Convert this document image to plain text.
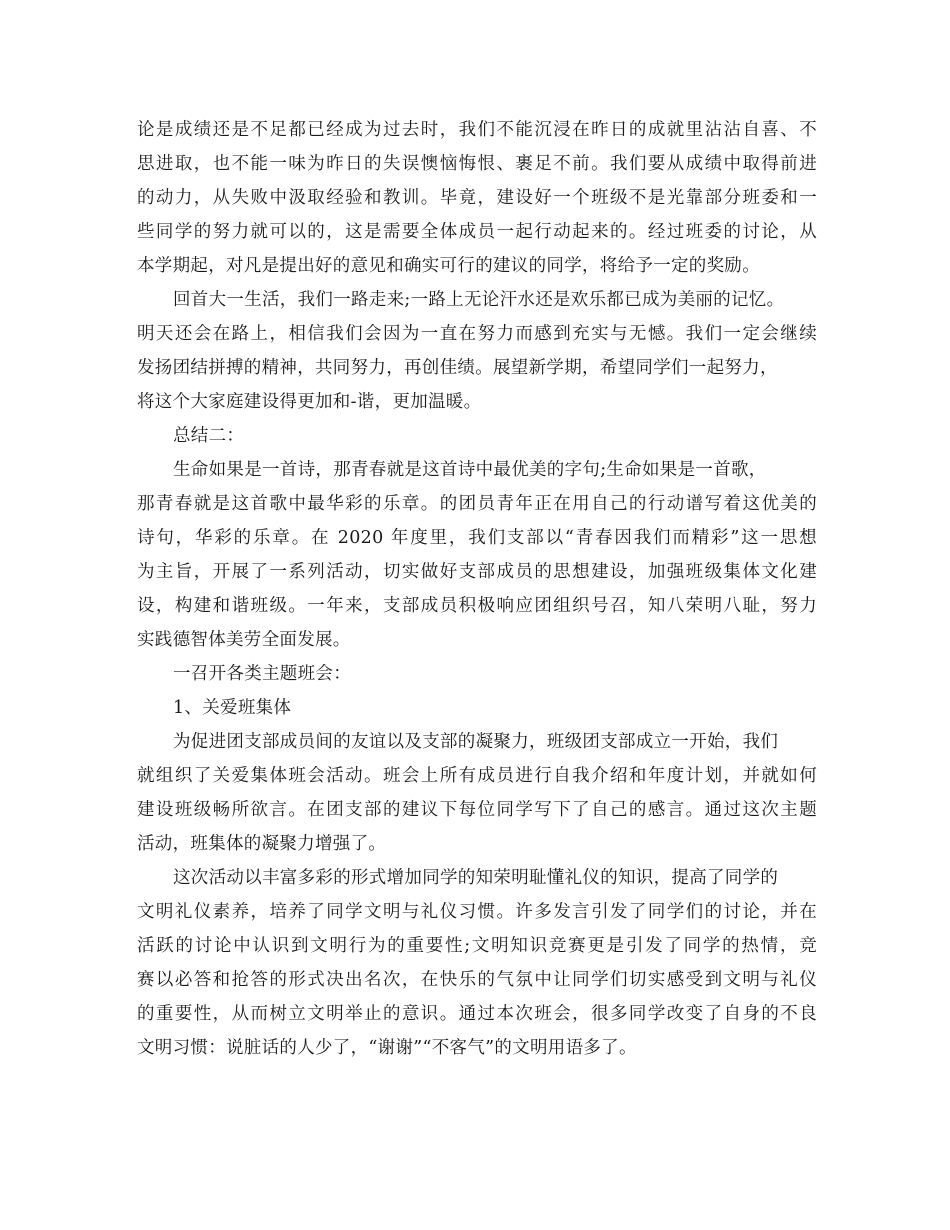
论是成绩还是不足都已经成为过去时，我们不能沉浸在昨日的成就里沾沾自喜、不
思进取，也不能一味为昨日的失误懊恼悔恨、裹足不前。我们要从成绩中取得前进
的动力，从失败中汲取经验和教训。毕竟，建设好一个班级不是光靠部分班委和一
些同学的努力就可以的，这是需要全体成员一起行动起来的。经过班委的讨论，从
本学期起，对凡是提出好的意见和确实可行的建议的同学，将给予一定的奖励。
回首大一生活，我们一路走来;一路上无论汗水还是欢乐都已成为美丽的记忆。
明天还会在路上，相信我们会因为一直在努力而感到充实与无憾。我们一定会继续
发扬团结拼搏的精神，共同努力，再创佳绩。展望新学期，希望同学们一起努力，
将这个大家庭建设得更加和-谐，更加温暖。
总结二：
生命如果是一首诗，那青春就是这首诗中最优美的字句;生命如果是一首歌，
那青春就是这首歌中最华彩的乐章。的团员青年正在用自己的行动谱写着这优美的
诗句，华彩的乐章。在 2020 年度里，我们支部以“青春因我们而精彩”这一思想
为主旨，开展了一系列活动，切实做好支部成员的思想建设，加强班级集体文化建
设，构建和谐班级。一年来，支部成员积极响应团组织号召，知八荣明八耻，努力
实践德智体美劳全面发展。
一召开各类主题班会：
1、关爱班集体
为促进团支部成员间的友谊以及支部的凝聚力，班级团支部成立一开始，我们
就组织了关爱集体班会活动。班会上所有成员进行自我介绍和年度计划，并就如何
建设班级畅所欲言。在团支部的建议下每位同学写下了自己的感言。通过这次主题
活动，班集体的凝聚力增强了。
这次活动以丰富多彩的形式增加同学的知荣明耻懂礼仪的知识，提高了同学的
文明礼仪素养，培养了同学文明与礼仪习惯。许多发言引发了同学们的讨论，并在
活跃的讨论中认识到文明行为的重要性;文明知识竞赛更是引发了同学的热情，竞
赛以必答和抢答的形式决出名次，在快乐的气氛中让同学们切实感受到文明与礼仪
的重要性，从而树立文明举止的意识。通过本次班会，很多同学改变了自身的不良
文明习惯：说脏话的人少了，“谢谢”“不客气”的文明用语多了。
